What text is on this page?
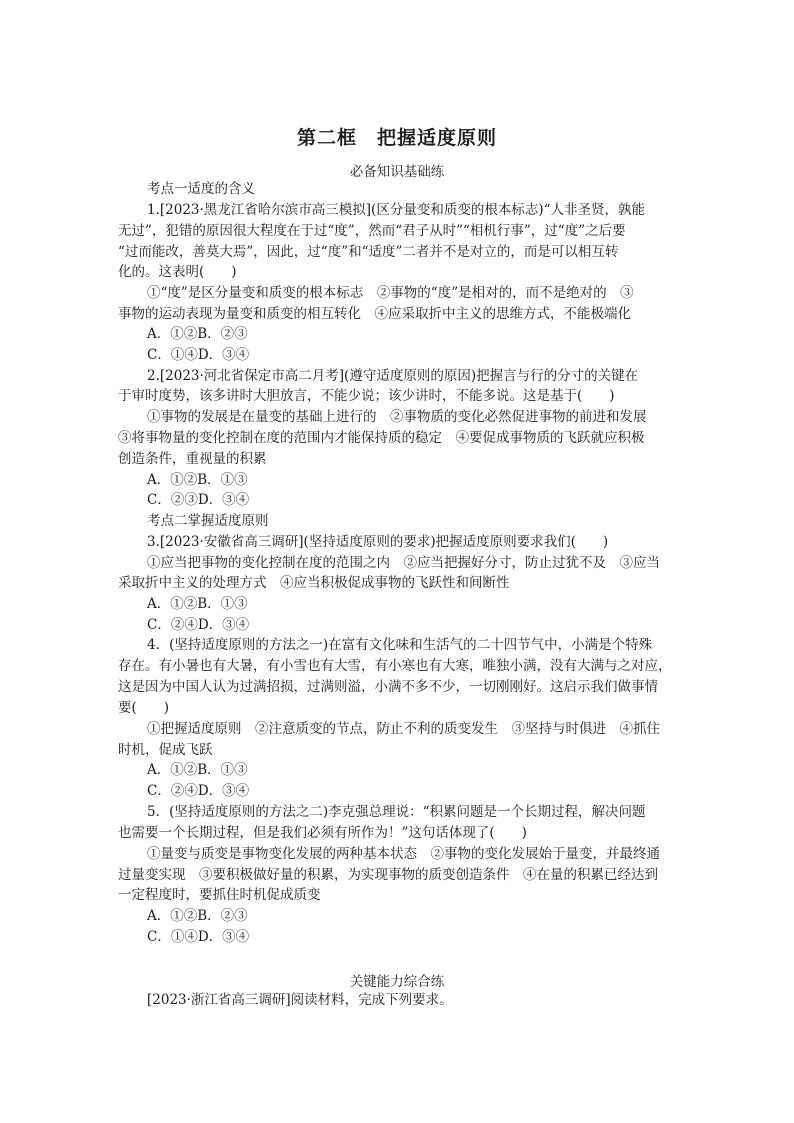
第二框　把握适度原则
必备知识基础练
考点一适度的含义
1.[2023·黑龙江省哈尔滨市高三模拟](区分量变和质变的根本标志)“人非圣贤，孰能
无过”，犯错的原因很大程度在于过“度”，然而“君子从时”“相机行事”，过“度”之后要
“过而能改，善莫大焉”，因此，过“度”和“适度”二者并不是对立的，而是可以相互转
化的。这表明(　　)
①“度”是区分量变和质变的根本标志　②事物的“度”是相对的，而不是绝对的　③
事物的运动表现为量变和质变的相互转化　④应采取折中主义的思维方式，不能极端化
A．①②B．②③
C．①④D．③④
2.[2023·河北省保定市高二月考](遵守适度原则的原因)把握言与行的分寸的关键在
于审时度势，该多讲时大胆放言，不能少说；该少讲时，不能多说。这是基于(　　)
①事物的发展是在量变的基础上进行的　②事物质的变化必然促进事物的前进和发展
③将事物量的变化控制在度的范围内才能保持质的稳定　④要促成事物质的飞跃就应积极
创造条件，重视量的积累
A．①②B．①③
C．②③D．③④
考点二掌握适度原则
3.[2023·安徽省高三调研](坚持适度原则的要求)把握适度原则要求我们(　　)
①应当把事物的变化控制在度的范围之内　②应当把握好分寸，防止过犹不及　③应当
采取折中主义的处理方式　④应当积极促成事物的飞跃性和间断性
A．①②B．①③
C．②④D．③④
4．(坚持适度原则的方法之一)在富有文化味和生活气的二十四节气中，小满是个特殊
存在。有小暑也有大暑，有小雪也有大雪，有小寒也有大寒，唯独小满，没有大满与之对应，
这是因为中国人认为过满招损，过满则溢，小满不多不少，一切刚刚好。这启示我们做事情
要(　　)
①把握适度原则　②注意质变的节点，防止不利的质变发生　③坚持与时俱进　④抓住
时机，促成飞跃
A．①②B．①③
C．②④D．③④
5．(坚持适度原则的方法之二)李克强总理说：“积累问题是一个长期过程，解决问题
也需要一个长期过程，但是我们必须有所作为！”这句话体现了(　　)
①量变与质变是事物变化发展的两种基本状态　②事物的变化发展始于量变，并最终通
过量变实现　③要积极做好量的积累，为实现事物的质变创造条件　④在量的积累已经达到
一定程度时，要抓住时机促成质变
A．①②B．②③
C．①④D．③④
关键能力综合练
[2023·浙江省高三调研]阅读材料，完成下列要求。
